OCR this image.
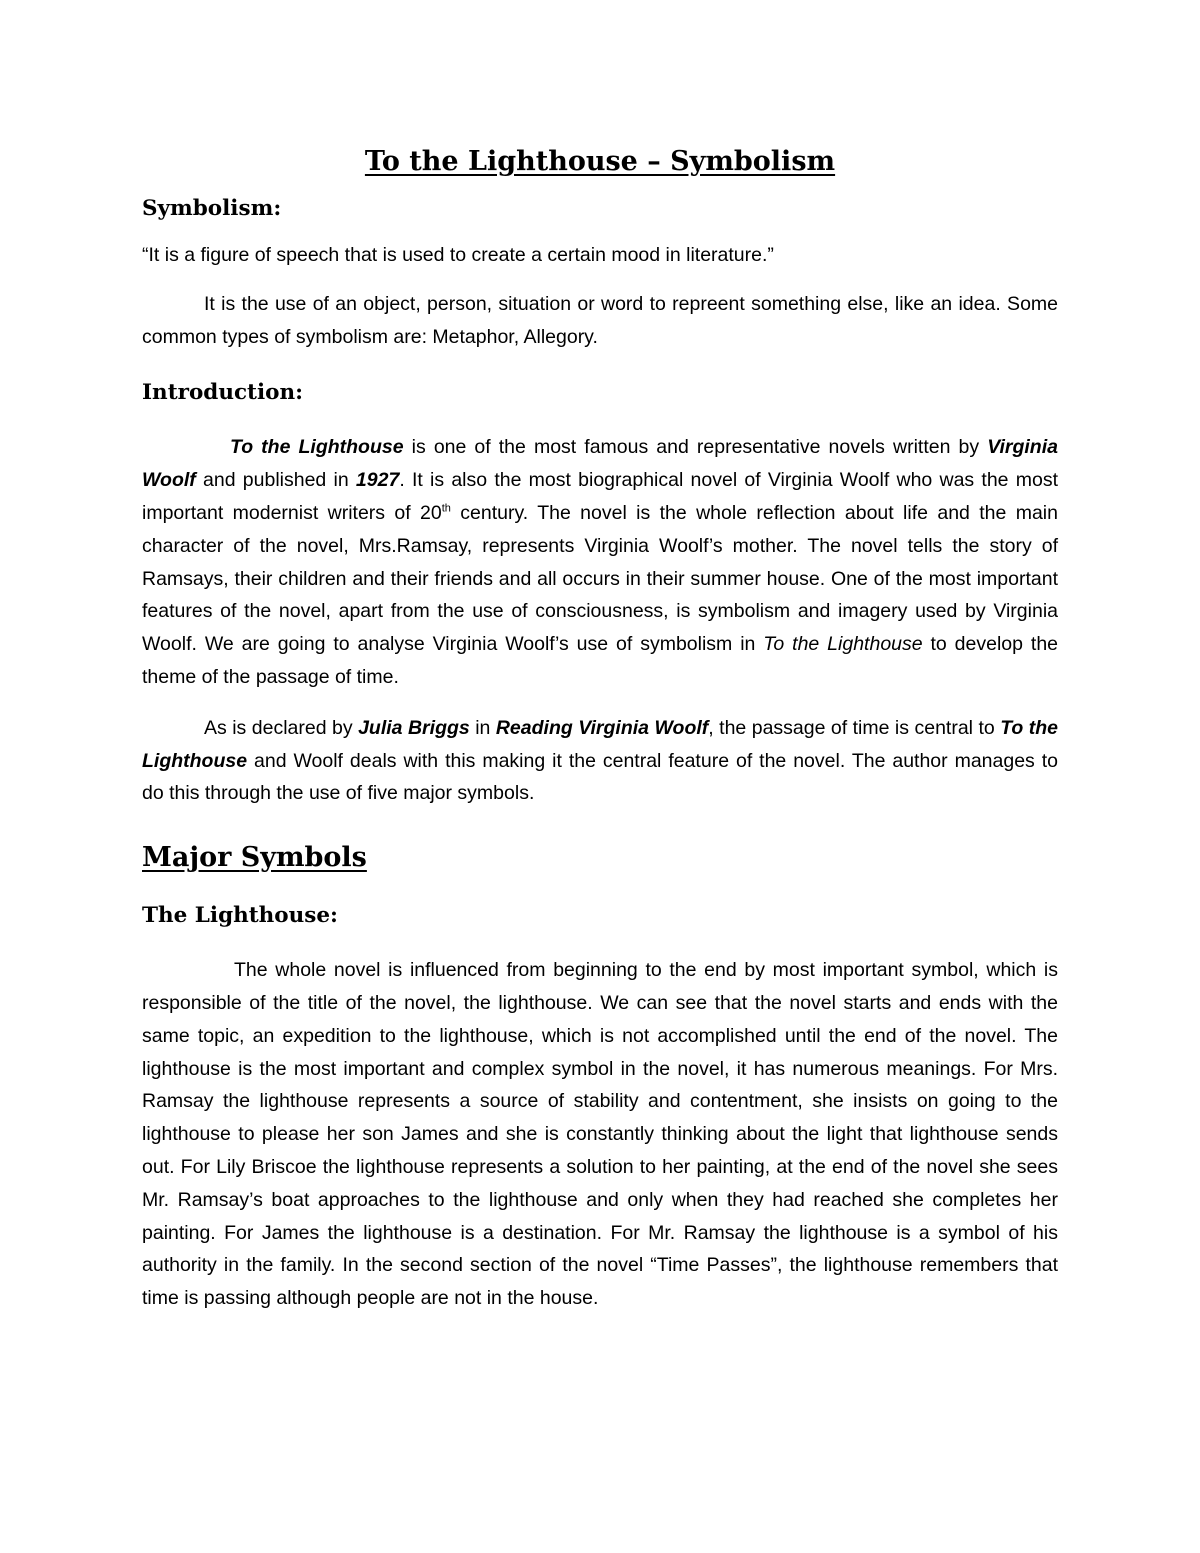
To the Lighthouse – Symbolism
Symbolism:

“It is a figure of speech that is used to create a certain mood in literature.”

It is the use of an object, person, situation or word to repreent something else, like an idea. Some common types of symbolism are: Metaphor, Allegory.

Introduction:

To the Lighthouse is one of the most famous and representative novels written by Virginia Woolf and published in 1927. It is also the most biographical novel of Virginia Woolf who was the most important modernist writers of 20th century. The novel is the whole reflection about life and the main character of the novel, Mrs.Ramsay, represents Virginia Woolf’s mother. The novel tells the story of Ramsays, their children and their friends and all occurs in their summer house. One of the most important features of the novel, apart from the use of consciousness, is symbolism and imagery used by Virginia Woolf. We are going to analyse Virginia Woolf’s use of symbolism in To the Lighthouse to develop the theme of the passage of time.

As is declared by Julia Briggs in Reading Virginia Woolf, the passage of time is central to To the Lighthouse and Woolf deals with this making it the central feature of the novel. The author manages to do this through the use of five major symbols.

Major Symbols
The Lighthouse:

The whole novel is influenced from beginning to the end by most important symbol, which is responsible of the title of the novel, the lighthouse. We can see that the novel starts and ends with the same topic, an expedition to the lighthouse, which is not accomplished until the end of the novel. The lighthouse is the most important and complex symbol in the novel, it has numerous meanings. For Mrs. Ramsay the lighthouse represents a source of stability and contentment, she insists on going to the lighthouse to please her son James and she is constantly thinking about the light that lighthouse sends out. For Lily Briscoe the lighthouse represents a solution to her painting, at the end of the novel she sees Mr. Ramsay’s boat approaches to the lighthouse and only when they had reached she completes her painting. For James the lighthouse is a destination. For Mr. Ramsay the lighthouse is a symbol of his authority in the family. In the second section of the novel “Time Passes”, the lighthouse remembers that time is passing although people are not in the house.
